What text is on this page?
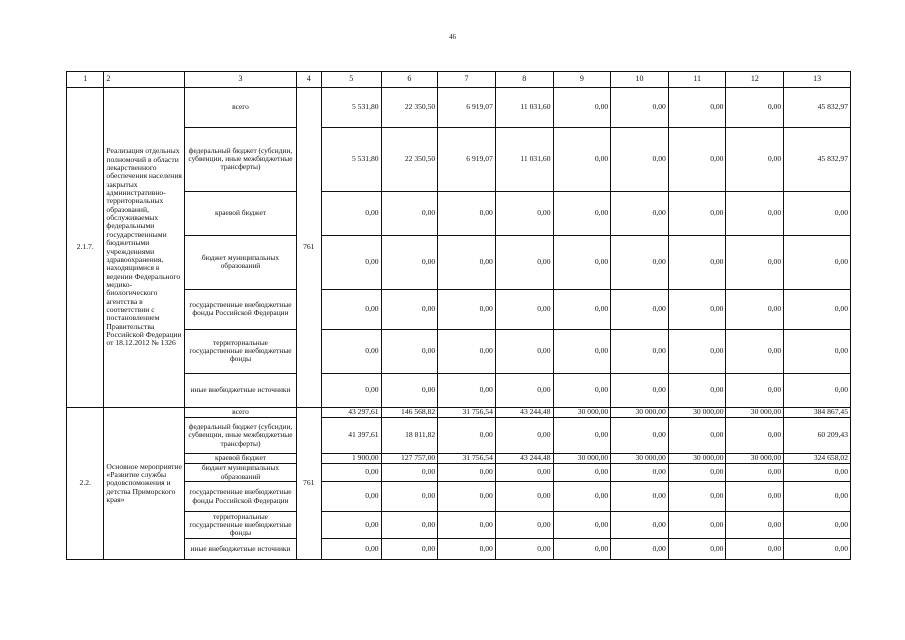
46
1	2	3	4	5	6	7	8	9	10	11	12	13
2.1.7.	Реализация отдельных полномочий в области лекарственного обеспечения населения закрытых административно-территориальных образований, обслуживаемых федеральными государственными бюджетными учреждениями здравоохранения, находящимися в ведении Федерального медико-биологического агентства в соответствии с постановлением Правительства Российской Федерации от 18.12.2012 № 1326	всего	761	5 531,80	22 350,50	6 919,07	11 031,60	0,00	0,00	0,00	0,00	45 832,97
		федеральный бюджет (субсидии, субвенции, иные межбюджетные трансферты)		5 531,80	22 350,50	6 919,07	11 031,60	0,00	0,00	0,00	0,00	45 832,97
		краевой бюджет		0,00	0,00	0,00	0,00	0,00	0,00	0,00	0,00	0,00
		бюджет муниципальных образований		0,00	0,00	0,00	0,00	0,00	0,00	0,00	0,00	0,00
		государственные внебюджетные фонды Российской Федерации		0,00	0,00	0,00	0,00	0,00	0,00	0,00	0,00	0,00
		территориальные государственные внебюджетные фонды		0,00	0,00	0,00	0,00	0,00	0,00	0,00	0,00	0,00
		иные внебюджетные источники		0,00	0,00	0,00	0,00	0,00	0,00	0,00	0,00	0,00
2.2.	Основное мероприятие «Развитие службы родовспоможения и детства Приморского края»	всего	761	43 297,61	146 568,82	31 756,54	43 244,48	30 000,00	30 000,00	30 000,00	30 000,00	384 867,45
		федеральный бюджет (субсидии, субвенции, иные межбюджетные трансферты)		41 397,61	18 811,82	0,00	0,00	0,00	0,00	0,00	0,00	60 209,43
		краевой бюджет		1 900,00	127 757,00	31 756,54	43 244,48	30 000,00	30 000,00	30 000,00	30 000,00	324 658,02
		бюджет муниципальных образований		0,00	0,00	0,00	0,00	0,00	0,00	0,00	0,00	0,00
		государственные внебюджетные фонды Российской Федерации		0,00	0,00	0,00	0,00	0,00	0,00	0,00	0,00	0,00
		территориальные государственные внебюджетные фонды		0,00	0,00	0,00	0,00	0,00	0,00	0,00	0,00	0,00
		иные внебюджетные источники		0,00	0,00	0,00	0,00	0,00	0,00	0,00	0,00	0,00
